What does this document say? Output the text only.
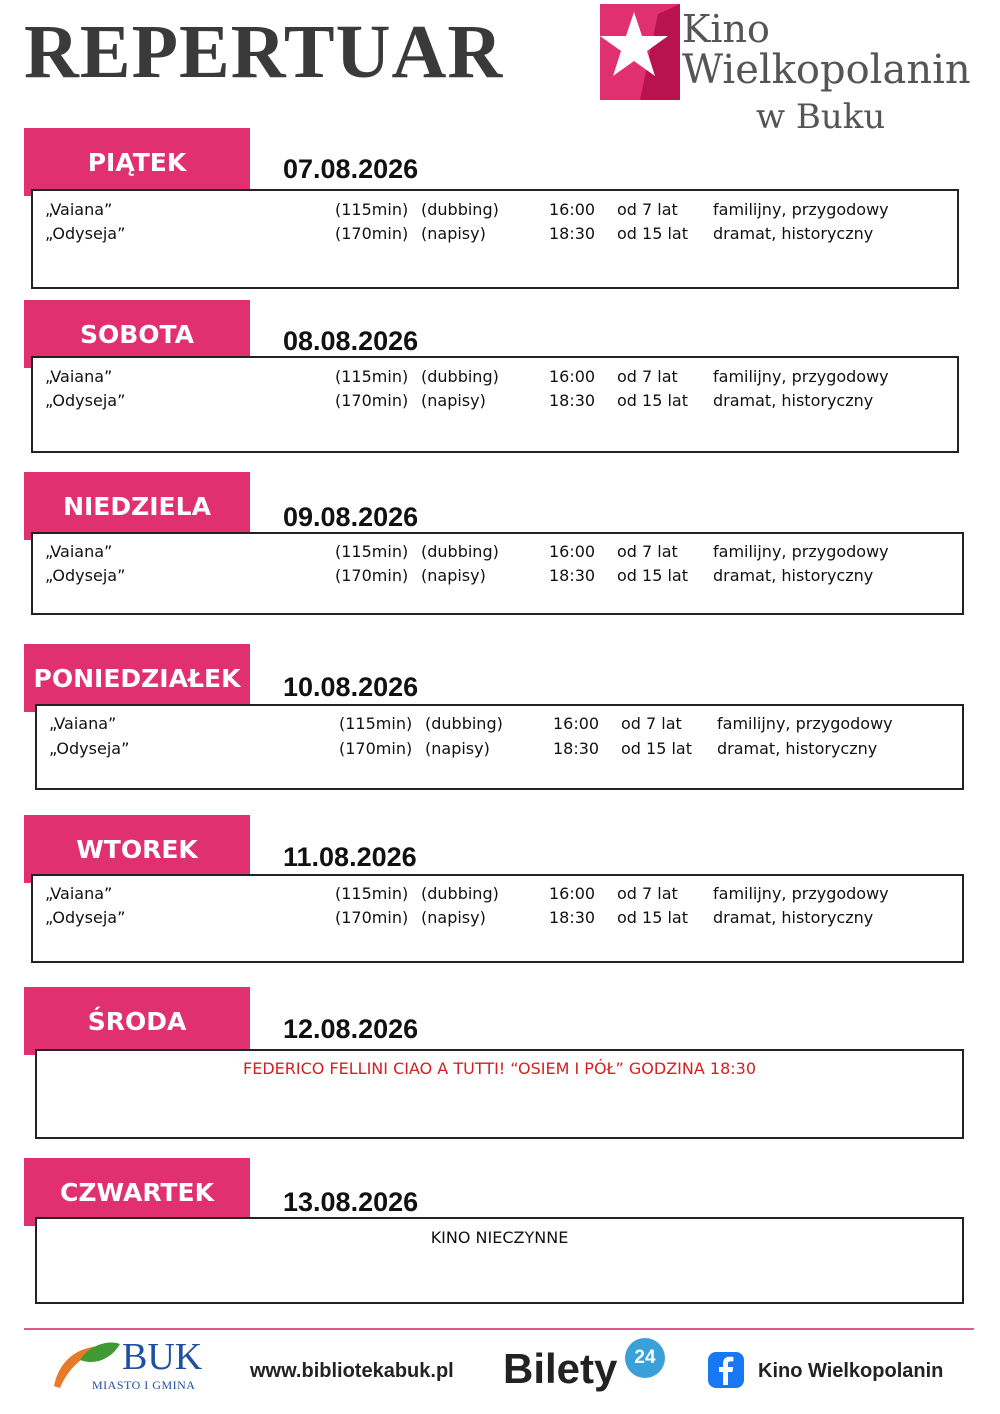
REPERTUAR	Kino
Wielkopolanin
w Buku
PIĄTEK	07.08.2026
„Vaiana”	(115min) (dubbing)	16:00 od 7 lat familijny, przygodowy
„Odyseja”	(170min) (napisy)	18:30 od 15 lat dramat, historyczny
SOBOTA	08.08.2026
„Vaiana”	(115min) (dubbing)	16:00 od 7 lat familijny, przygodowy
„Odyseja”	(170min) (napisy)	18:30 od 15 lat dramat, historyczny
NIEDZIELA	09.08.2026
„Vaiana”	(115min) (dubbing)	16:00 od 7 lat familijny, przygodowy
„Odyseja”	(170min) (napisy)	18:30 od 15 lat dramat, historyczny
PONIEDZIAŁEK	10.08.2026
„Vaiana”	(115min) (dubbing)	16:00 od 7 lat familijny, przygodowy
„Odyseja”	(170min) (napisy)	18:30 od 15 lat dramat, historyczny
WTOREK	11.08.2026
„Vaiana”	(115min) (dubbing)	16:00 od 7 lat familijny, przygodowy
„Odyseja”	(170min) (napisy)	18:30 od 15 lat dramat, historyczny
ŚRODA	12.08.2026
FEDERICO FELLINI CIAO A TUTTI! “OSIEM I PÓŁ” GODZINA 18:30
CZWARTEK	13.08.2026
KINO NIECZYNNE
BUK
MIASTO I GMINA
www.bibliotekabuk.pl Bilety 24
Kino Wielkopolanin
